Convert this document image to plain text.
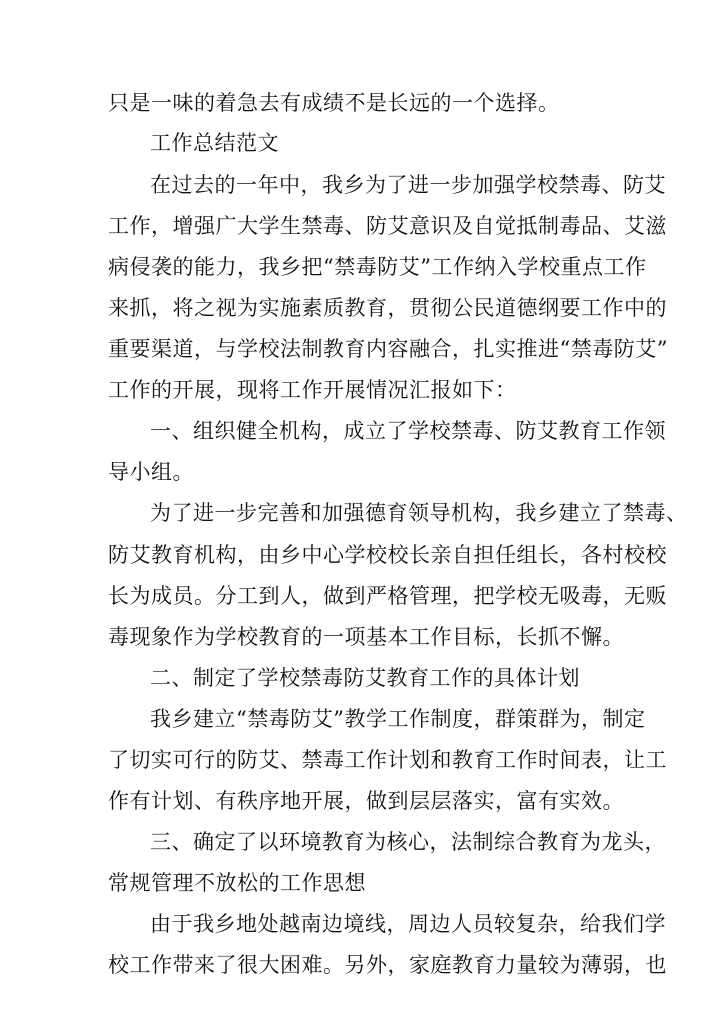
只是一味的着急去有成绩不是长远的一个选择。
工作总结范文
在过去的一年中，我乡为了进一步加强学校禁毒、防艾
工作，增强广大学生禁毒、防艾意识及自觉抵制毒品、艾滋
病侵袭的能力，我乡把“禁毒防艾”工作纳入学校重点工作
来抓，将之视为实施素质教育，贯彻公民道德纲要工作中的
重要渠道，与学校法制教育内容融合，扎实推进“禁毒防艾”
工作的开展，现将工作开展情况汇报如下：
一、组织健全机构，成立了学校禁毒、防艾教育工作领
导小组。
为了进一步完善和加强德育领导机构，我乡建立了禁毒、
防艾教育机构，由乡中心学校校长亲自担任组长，各村校校
长为成员。分工到人，做到严格管理，把学校无吸毒，无贩
毒现象作为学校教育的一项基本工作目标，长抓不懈。
二、制定了学校禁毒防艾教育工作的具体计划
我乡建立“禁毒防艾”教学工作制度，群策群为，制定
了切实可行的防艾、禁毒工作计划和教育工作时间表，让工
作有计划、有秩序地开展，做到层层落实，富有实效。
三、确定了以环境教育为核心，法制综合教育为龙头，
常规管理不放松的工作思想
由于我乡地处越南边境线，周边人员较复杂，给我们学
校工作带来了很大困难。另外，家庭教育力量较为薄弱，也
